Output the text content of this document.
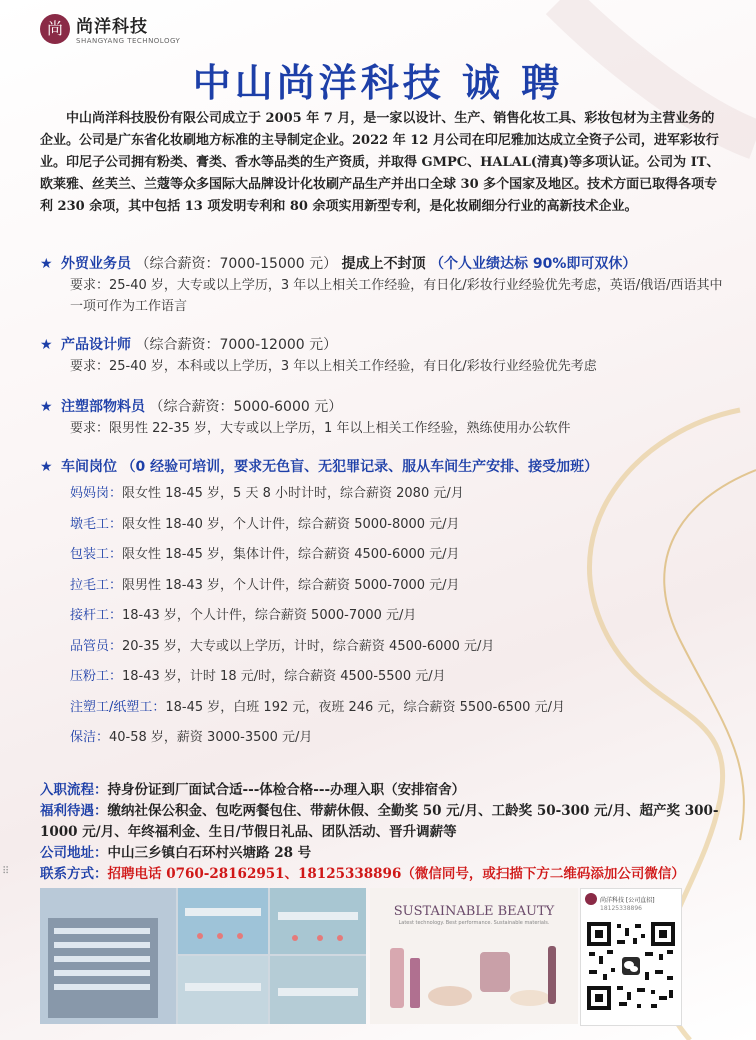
尚 尚洋科技
SHANGYANG TECHNOLOGY
中山尚洋科技 诚 聘
中山尚洋科技股份有限公司成立于 2005 年 7 月，是一家以设计、生产、销售化妆工具、彩妆包材为主营业务的企业。公司是广东省化妆刷地方标准的主导制定企业。2022 年 12 月公司在印尼雅加达成立全资子公司，进军彩妆行业。印尼子公司拥有粉类、膏类、香水等品类的生产资质，并取得 GMPC、HALAL(清真)等多项认证。公司为 IT、欧莱雅、丝芙兰、兰蔻等众多国际大品牌设计化妆刷产品生产并出口全球 30 多个国家及地区。技术方面已取得各项专利 230 余项，其中包括 13 项发明专利和 80 余项实用新型专利，是化妆刷细分行业的高新技术企业。
★ 外贸业务员 （综合薪资：7000-15000 元） 提成上不封顶 （个人业绩达标 90%即可双休）
要求：25-40 岁，大专或以上学历，3 年以上相关工作经验，有日化/彩妆行业经验优先考虑，英语/俄语/西语其中一项可作为工作语言
★ 产品设计师 （综合薪资：7000-12000 元）
要求：25-40 岁，本科或以上学历，3 年以上相关工作经验，有日化/彩妆行业经验优先考虑
★ 注塑部物料员 （综合薪资：5000-6000 元）
要求：限男性 22-35 岁，大专或以上学历，1 年以上相关工作经验，熟练使用办公软件
★ 车间岗位 （0 经验可培训，要求无色盲、无犯罪记录、服从车间生产安排、接受加班）
妈妈岗：限女性 18-45 岁，5 天 8 小时计时，综合薪资 2080 元/月
墩毛工：限女性 18-40 岁，个人计件，综合薪资 5000-8000 元/月
包装工：限女性 18-45 岁，集体计件，综合薪资 4500-6000 元/月
拉毛工：限男性 18-43 岁，个人计件，综合薪资 5000-7000 元/月
接杆工：18-43 岁，个人计件，综合薪资 5000-7000 元/月
品管员：20-35 岁，大专或以上学历，计时，综合薪资 4500-6000 元/月
压粉工：18-43 岁，计时 18 元/时，综合薪资 4500-5500 元/月
注塑工/纸塑工：18-45 岁，白班 192 元，夜班 246 元，综合薪资 5500-6500 元/月
保洁：40-58 岁，薪资 3000-3500 元/月
入职流程：持身份证到厂面试合适---体检合格---办理入职（安排宿舍）
福利待遇：缴纳社保公积金、包吃两餐包住、带薪休假、全勤奖 50 元/月、工龄奖 50-300 元/月、超产奖 300-1000 元/月、年终福利金、生日/节假日礼品、团队活动、晋升调薪等
公司地址：中山三乡镇白石环村兴塘路 28 号
联系方式：招聘电话 0760-28162951、18125338896（微信同号，或扫描下方二维码添加公司微信）
⠿
SUSTAINABLE BEAUTY
Latest technology. Best performance. Sustainable materials.
尚洋科技 [公司直招]
18125338896
